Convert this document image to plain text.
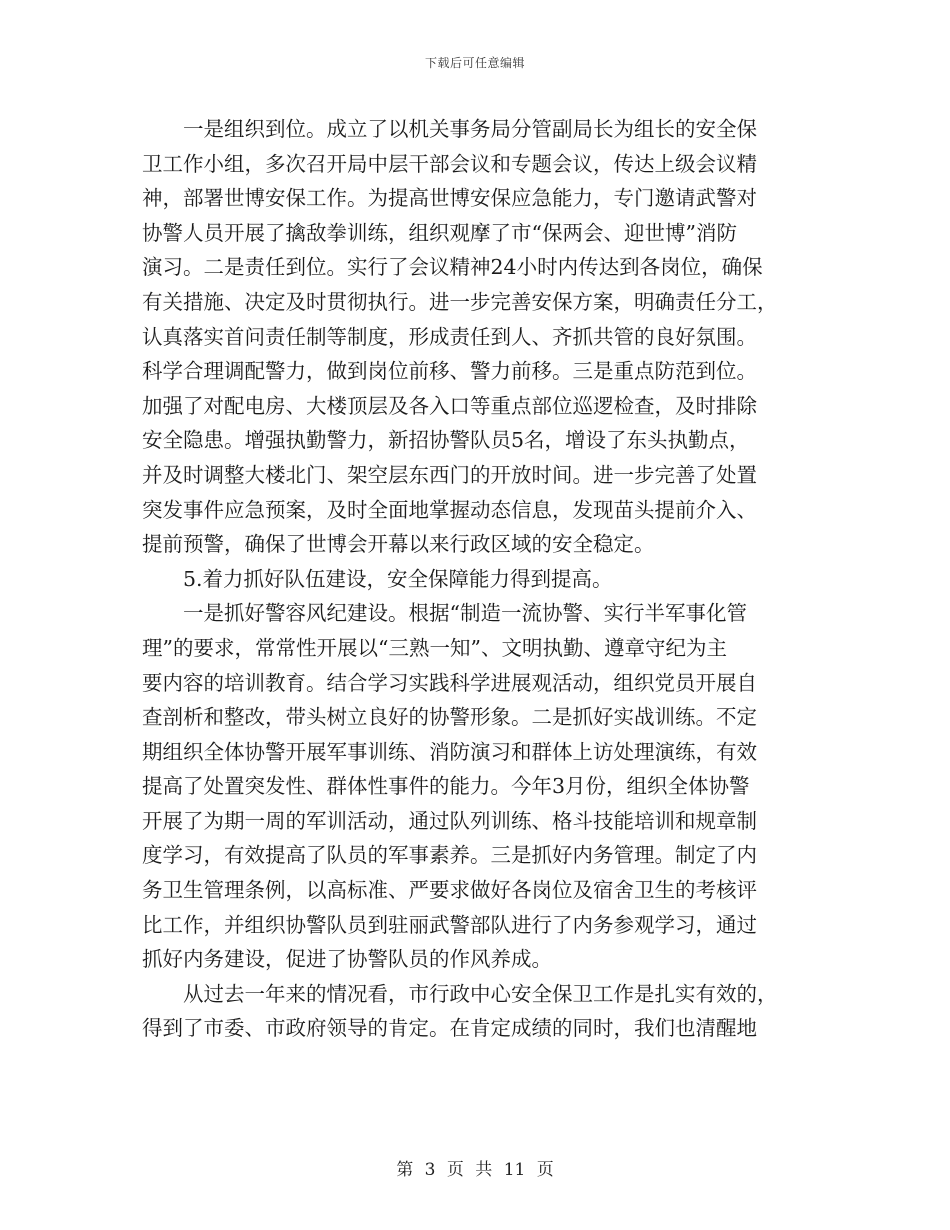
下载后可任意编辑
　　一是组织到位。成立了以机关事务局分管副局长为组长的安全保
卫工作小组，多次召开局中层干部会议和专题会议，传达上级会议精
神，部署世博安保工作。为提高世博安保应急能力，专门邀请武警对
协警人员开展了擒敌拳训练，组织观摩了市“保两会、迎世博”消防
演习。二是责任到位。实行了会议精神24小时内传达到各岗位，确保
有关措施、决定及时贯彻执行。进一步完善安保方案，明确责任分工，
认真落实首问责任制等制度，形成责任到人、齐抓共管的良好氛围。
科学合理调配警力，做到岗位前移、警力前移。三是重点防范到位。
加强了对配电房、大楼顶层及各入口等重点部位巡逻检查，及时排除
安全隐患。增强执勤警力，新招协警队员5名，增设了东头执勤点，
并及时调整大楼北门、架空层东西门的开放时间。进一步完善了处置
突发事件应急预案，及时全面地掌握动态信息，发现苗头提前介入、
提前预警，确保了世博会开幕以来行政区域的安全稳定。
　　5.着力抓好队伍建设，安全保障能力得到提高。
　　一是抓好警容风纪建设。根据“制造一流协警、实行半军事化管
理”的要求，常常性开展以“三熟一知”、文明执勤、遵章守纪为主
要内容的培训教育。结合学习实践科学进展观活动，组织党员开展自
查剖析和整改，带头树立良好的协警形象。二是抓好实战训练。不定
期组织全体协警开展军事训练、消防演习和群体上访处理演练，有效
提高了处置突发性、群体性事件的能力。今年3月份，组织全体协警
开展了为期一周的军训活动，通过队列训练、格斗技能培训和规章制
度学习，有效提高了队员的军事素养。三是抓好内务管理。制定了内
务卫生管理条例，以高标准、严要求做好各岗位及宿舍卫生的考核评
比工作，并组织协警队员到驻丽武警部队进行了内务参观学习，通过
抓好内务建设，促进了协警队员的作风养成。
　　从过去一年来的情况看，市行政中心安全保卫工作是扎实有效的，
得到了市委、市政府领导的肯定。在肯定成绩的同时，我们也清醒地
第 3 页 共 11 页
